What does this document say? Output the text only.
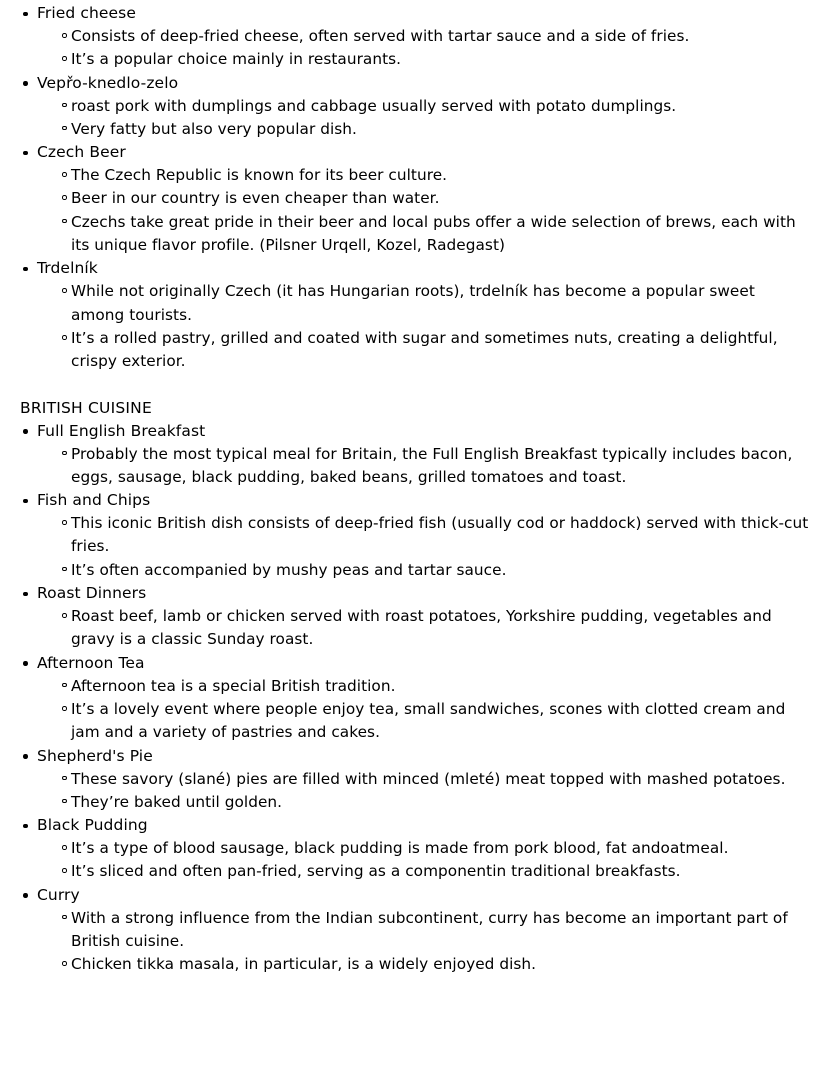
Fried cheese
Consists of deep-fried cheese, often served with tartar sauce and a side of fries.
It’s a popular choice mainly in restaurants.
Vepřo-knedlo-zelo
roast pork with dumplings and cabbage usually served with potato dumplings.
Very fatty but also very popular dish.
Czech Beer
The Czech Republic is known for its beer culture.
Beer in our country is even cheaper than water.
Czechs take great pride in their beer and local pubs offer a wide selection of brews, each with its unique flavor profile. (Pilsner Urqell, Kozel, Radegast)
Trdelník
While not originally Czech (it has Hungarian roots), trdelník has become a popular sweet among tourists.
It’s a rolled pastry, grilled and coated with sugar and sometimes nuts, creating a delightful, crispy exterior.
BRITISH CUISINE
Full English Breakfast
Probably the most typical meal for Britain, the Full English Breakfast typically includes bacon, eggs, sausage, black pudding, baked beans, grilled tomatoes and toast.
Fish and Chips
This iconic British dish consists of deep-fried fish (usually cod or haddock) served with thick-cut fries.
It’s often accompanied by mushy peas and tartar sauce.
Roast Dinners
Roast beef, lamb or chicken served with roast potatoes, Yorkshire pudding, vegetables and gravy is a classic Sunday roast.
Afternoon Tea
Afternoon tea is a special British tradition.
It’s a lovely event where people enjoy tea, small sandwiches, scones with clotted cream and jam and a variety of pastries and cakes.
Shepherd's Pie
These savory (slané) pies are filled with minced (mleté) meat topped with mashed potatoes.
They’re baked until golden.
Black Pudding
It’s a type of blood sausage, black pudding is made from pork blood, fat andoatmeal.
It’s sliced and often pan-fried, serving as a componentin traditional breakfasts.
Curry
With a strong influence from the Indian subcontinent, curry has become an important part of British cuisine.
Chicken tikka masala, in particular, is a widely enjoyed dish.
